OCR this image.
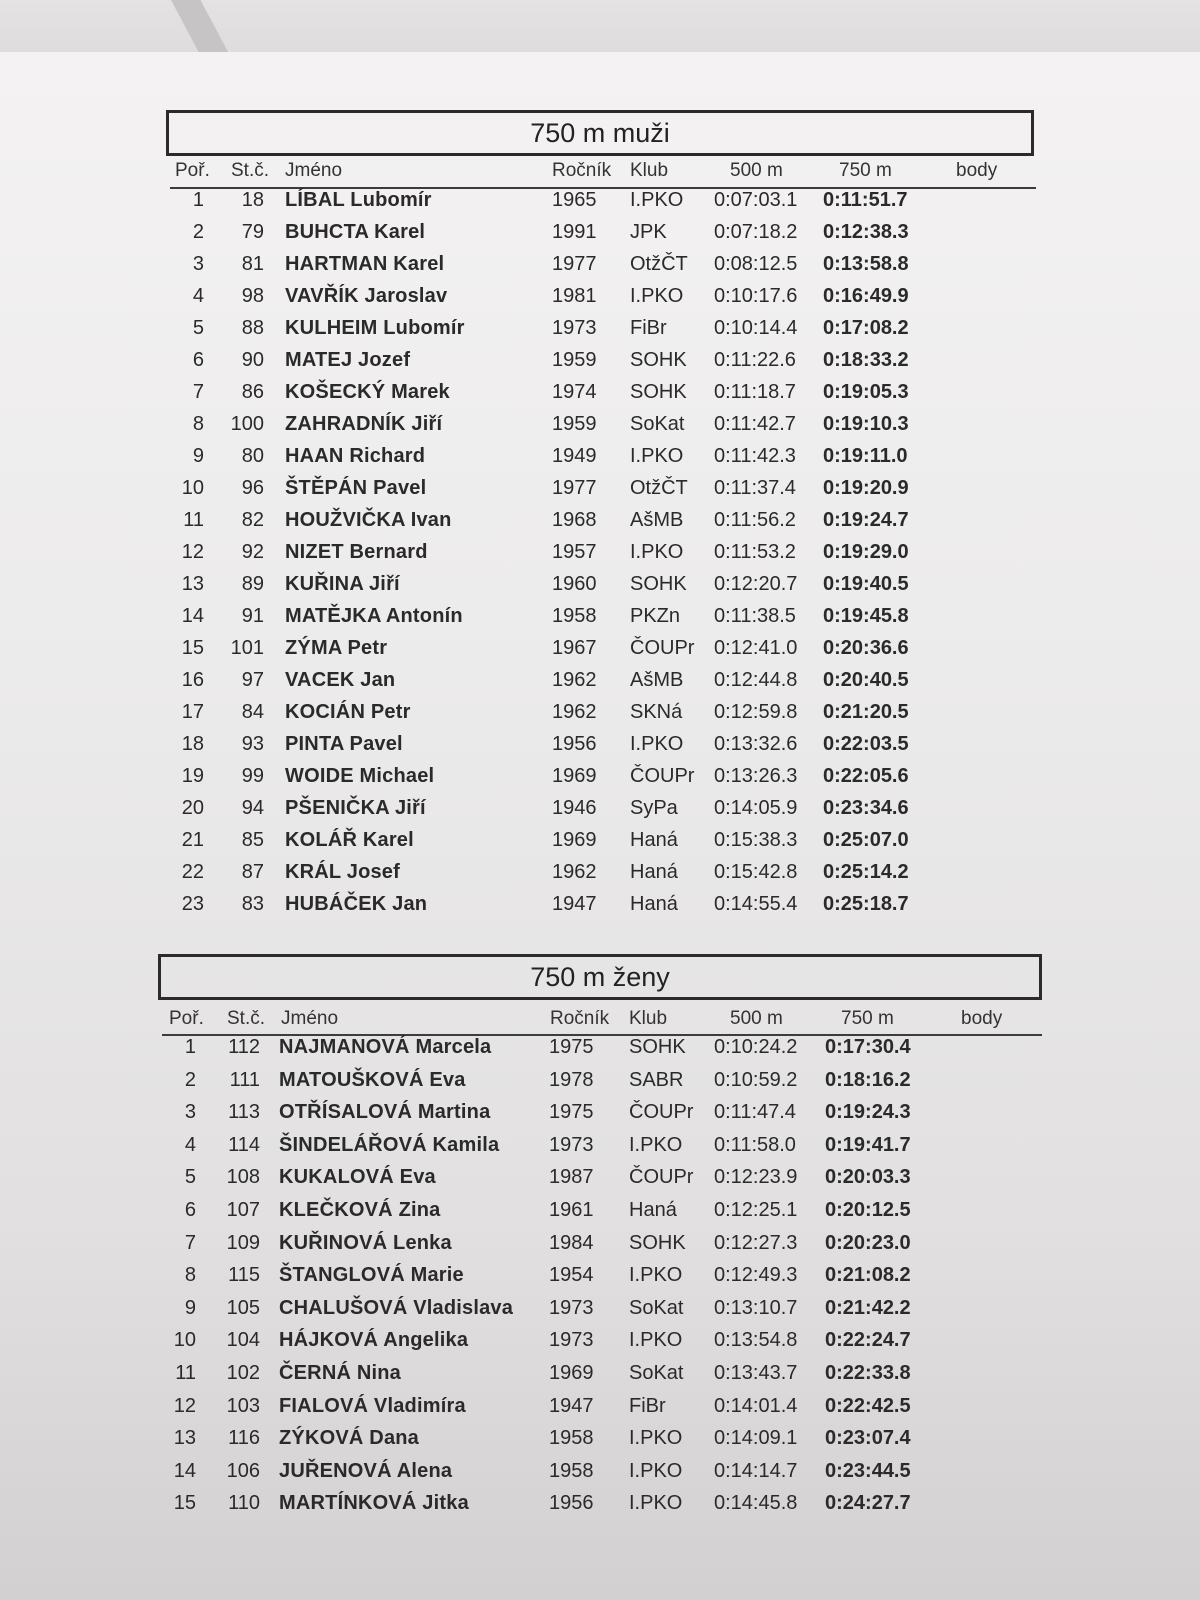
750 m muži
Poř. St.č. Jméno	Ročník Klub	500 m	750 m	body
1	18 LÍBAL Lubomír	1965 I.PKO 0:07:03.1 0:11:51.7
2	79 BUHCTA Karel	1991 JPK 0:07:18.2 0:12:38.3
3	81 HARTMAN Karel	1977 OtžČT 0:08:12.5 0:13:58.8
4	98 VAVŘÍK Jaroslav	1981 I.PKO 0:10:17.6 0:16:49.9
5	88 KULHEIM Lubomír	1973 FiBr 0:10:14.4 0:17:08.2
6	90 MATEJ Jozef	1959 SOHK 0:11:22.6 0:18:33.2
7	86 KOŠECKÝ Marek	1974 SOHK 0:11:18.7 0:19:05.3
8	100 ZAHRADNÍK Jiří	1959 SoKat 0:11:42.7 0:19:10.3
9	80 HAAN Richard	1949 I.PKO 0:11:42.3 0:19:11.0
10	96 ŠTĚPÁN Pavel	1977 OtžČT 0:11:37.4 0:19:20.9
11	82 HOUŽVIČKA Ivan	1968 AšMB 0:11:56.2 0:19:24.7
12	92 NIZET Bernard	1957 I.PKO 0:11:53.2 0:19:29.0
13	89 KUŘINA Jiří	1960 SOHK 0:12:20.7 0:19:40.5
14	91 MATĚJKA Antonín	1958 PKZn 0:11:38.5 0:19:45.8
15	101 ZÝMA Petr	1967 ČOUPr 0:12:41.0 0:20:36.6
16	97 VACEK Jan	1962 AšMB 0:12:44.8 0:20:40.5
17	84 KOCIÁN Petr	1962 SKNá 0:12:59.8 0:21:20.5
18	93 PINTA Pavel	1956 I.PKO 0:13:32.6 0:22:03.5
19	99 WOIDE Michael	1969 ČOUPr 0:13:26.3 0:22:05.6
20	94 PŠENIČKA Jiří	1946 SyPa 0:14:05.9 0:23:34.6
21	85 KOLÁŘ Karel	1969 Haná 0:15:38.3 0:25:07.0
22	87 KRÁL Josef	1962 Haná 0:15:42.8 0:25:14.2
23	83 HUBÁČEK Jan	1947 Haná 0:14:55.4 0:25:18.7
750 m ženy
Poř. St.č. Jméno	Ročník Klub	500 m	750 m	body
1	112 NAJMANOVÁ Marcela	1975 SOHK 0:10:24.2 0:17:30.4
2	111 MATOUŠKOVÁ Eva	1978 SABR 0:10:59.2 0:18:16.2
3	113 OTŘÍSALOVÁ Martina	1975 ČOUPr 0:11:47.4 0:19:24.3
4	114 ŠINDELÁŘOVÁ Kamila 1973 I.PKO 0:11:58.0 0:19:41.7
5	108 KUKALOVÁ Eva	1987 ČOUPr 0:12:23.9 0:20:03.3
6	107 KLEČKOVÁ Zina	1961 Haná 0:12:25.1 0:20:12.5
7	109 KUŘINOVÁ Lenka	1984 SOHK 0:12:27.3 0:20:23.0
8	115 ŠTANGLOVÁ Marie	1954 I.PKO 0:12:49.3 0:21:08.2
9	105 CHALUŠOVÁ Vladislava 1973 SoKat 0:13:10.7 0:21:42.2
10	104 HÁJKOVÁ Angelika	1973 I.PKO 0:13:54.8 0:22:24.7
11	102 ČERNÁ Nina	1969 SoKat 0:13:43.7 0:22:33.8
12	103 FIALOVÁ Vladimíra	1947 FiBr 0:14:01.4 0:22:42.5
13	116 ZÝKOVÁ Dana	1958 I.PKO 0:14:09.1 0:23:07.4
14	106 JUŘENOVÁ Alena	1958 I.PKO 0:14:14.7 0:23:44.5
15	110 MARTÍNKOVÁ Jitka	1956 I.PKO 0:14:45.8 0:24:27.7
